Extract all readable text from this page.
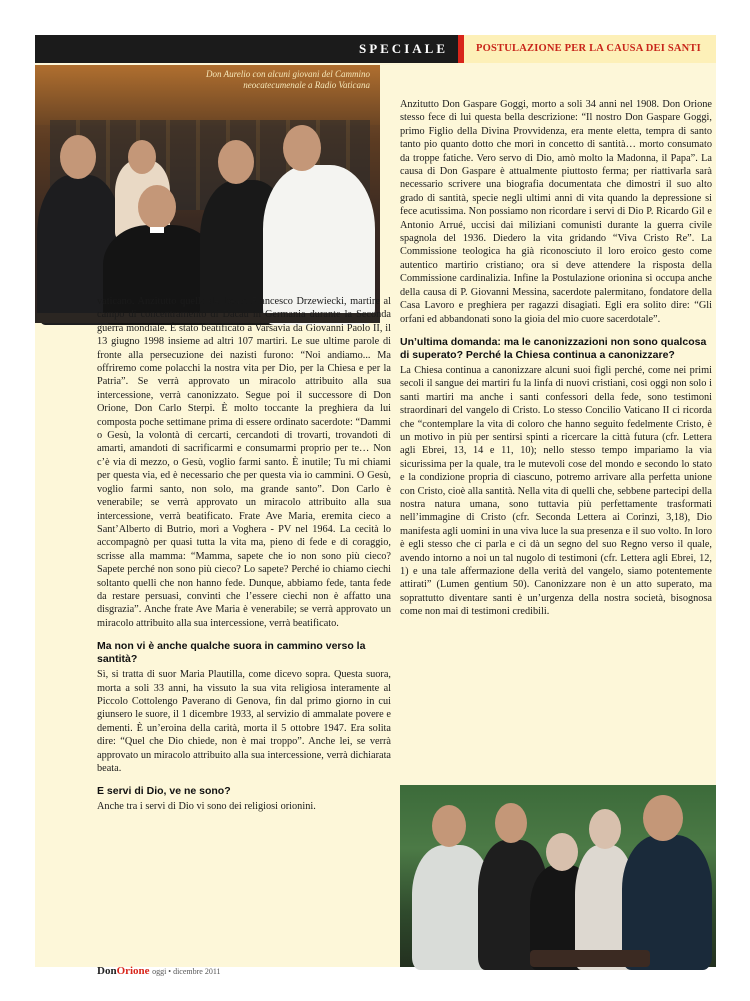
SPECIALE	POSTULAZIONE PER LA CAUSA DEI SANTI
Don Aurelio con alcuni giovani del Cammino neocatecumenale a Radio Vaticana

vaticano. Anzitutto quella del beato Francesco Drzewiecki, martire al campo di concentramento di Dacau in Germania durante la Seconda guerra mondiale. È stato beatificato a Varsavia da Giovanni Paolo II, il 13 giugno 1998 insieme ad altri 107 martiri. Le sue ultime parole di fronte alla persecuzione dei nazisti furono: “Noi andiamo... Ma offriremo come polacchi la nostra vita per Dio, per la Chiesa e per la Patria”. Se verrà approvato un miracolo attribuito alla sua intercessione, verrà canonizzato. Segue poi il successore di Don Orione, Don Carlo Sterpi. È molto toccante la preghiera da lui composta poche settimane prima di essere ordinato sacerdote: “Dammi o Gesù, la volontà di cercarti, cercandoti di trovarti, trovandoti di amarti, amandoti di sacrificarmi e consumarmi proprio per te… Non c’è via di mezzo, o Gesù, voglio farmi santo. È inutile; Tu mi chiami per questa via, ed è necessario che per questa via io cammini. O Gesù, voglio farmi santo, non solo, ma grande santo”. Don Carlo è venerabile; se verrà approvato un miracolo attribuito alla sua intercessione, verrà beatificato. Frate Ave Maria, eremita cieco a Sant’Alberto di Butrio, morì a Voghera - PV nel 1964. La cecità lo accompagnò per quasi tutta la vita ma, pieno di fede e di coraggio, scrisse alla mamma: “Mamma, sapete che io non sono più cieco? Sapete perché non sono più cieco? Lo sapete? Perché io chiamo ciechi soltanto quelli che non hanno fede. Dunque, abbiamo fede, tanta fede da restare persuasi, convinti che l’essere ciechi non è affatto una disgrazia”. Anche frate Ave Maria è venerabile; se verrà approvato un miracolo attribuito alla sua intercessione, verrà beatificato.

Ma non vi è anche qualche suora in cammino verso la santità?

Sì, si tratta di suor Maria Plautilla, come dicevo sopra. Questa suora, morta a soli 33 anni, ha vissuto la sua vita religiosa interamente al Piccolo Cottolengo Paverano di Genova, fin dal primo giorno in cui giunsero le suore, il 1 dicembre 1933, al servizio di ammalate povere e dementi. È un’eroina della carità, morta il 5 ottobre 1947. Era solita dire: “Quel che Dio chiede, non è mai troppo”. Anche lei, se verrà approvato un miracolo attribuito alla sua intercessione, verrà dichiarata beata.

E servi di Dio, ve ne sono?

Anche tra i servi di Dio vi sono dei religiosi orionini.

Anzitutto Don Gaspare Goggi, morto a soli 34 anni nel 1908. Don Orione stesso fece di lui questa bella descrizione: “Il nostro Don Gaspare Goggi, primo Figlio della Divina Provvidenza, era mente eletta, tempra di santo tanto pio quanto dotto che morì in concetto di santità… morto consumato da troppe fatiche. Vero servo di Dio, amò molto la Madonna, il Papa”. La causa di Don Gaspare è attualmente piuttosto ferma; per riattivarla sarà necessario scrivere una biografia documentata che dimostri il suo alto grado di santità, specie negli ultimi anni di vita quando la depressione si fece acutissima. Non possiamo non ricordare i servi di Dio P. Ricardo Gil e Antonio Arrué, uccisi dai miliziani comunisti durante la guerra civile spagnola del 1936. Diedero la vita gridando “Viva Cristo Re”. La Commissione teologica ha già riconosciuto il loro eroico gesto come autentico martirio cristiano; ora si deve attendere la risposta della Commissione cardinalizia. Infine la Postulazione orionina si occupa anche della causa di P. Giovanni Messina, sacerdote palermitano, fondatore della Casa Lavoro e preghiera per ragazzi disagiati. Egli era solito dire: “Gli orfani ed abbandonati sono la gioia del mio cuore sacerdotale”.

Un’ultima domanda: ma le canonizzazioni non sono qualcosa di superato? Perché la Chiesa continua a canonizzare?

La Chiesa continua a canonizzare alcuni suoi figli perché, come nei primi secoli il sangue dei martiri fu la linfa di nuovi cristiani, così oggi non solo i santi martiri ma anche i santi confessori della fede, sono testimoni straordinari del vangelo di Cristo. Lo stesso Concilio Vaticano II ci ricorda che “contemplare la vita di coloro che hanno seguito fedelmente Cristo, è un motivo in più per sentirsi spinti a ricercare la città futura (cfr. Lettera agli Ebrei, 13, 14 e 11, 10); nello stesso tempo impariamo la via sicurissima per la quale, tra le mutevoli cose del mondo e secondo lo stato e la condizione propria di ciascuno, potremo arrivare alla perfetta unione con Cristo, cioè alla santità. Nella vita di quelli che, sebbene partecipi della nostra natura umana, sono tuttavia più perfettamente trasformati nell’immagine di Cristo (cfr. Seconda Lettera ai Corinzi, 3,18), Dio manifesta agli uomini in una viva luce la sua presenza e il suo volto. In loro è egli stesso che ci parla e ci dà un segno del suo Regno verso il quale, avendo intorno a noi un tal nugolo di testimoni (cfr. Lettera agli Ebrei, 12, 1) e una tale affermazione della verità del vangelo, siamo potentemente attirati” (Lumen gentium 50). Canonizzare non è un atto superato, ma soprattutto diventare santi è un’urgenza della nostra società, bisognosa come non mai di testimoni credibili.

DonOrione oggi • dicembre 2011
